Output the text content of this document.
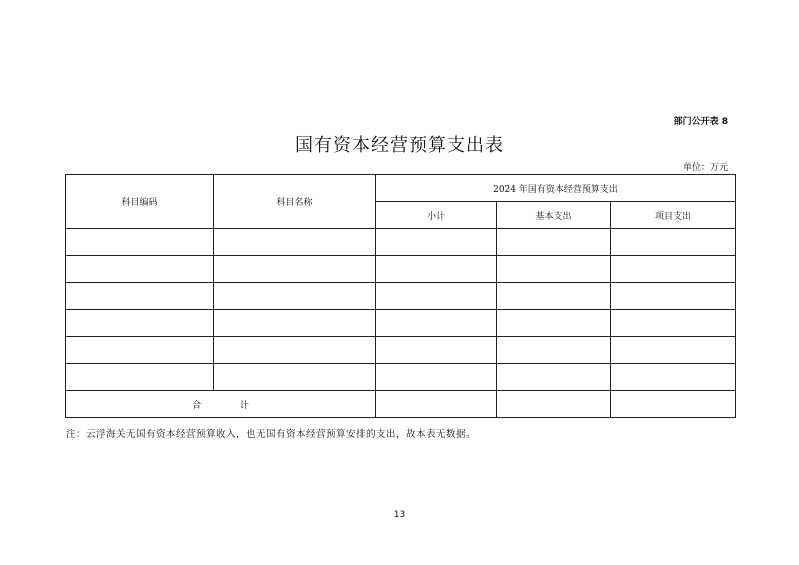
部门公开表 8
国有资本经营预算支出表
单位：万元
科目编码	科目名称	2024 年国有资本经营预算支出		
		小计	基本支出	项目支出

合 计				
注：云浮海关无国有资本经营预算收入，也无国有资本经营预算安排的支出，故本表无数据。
13
